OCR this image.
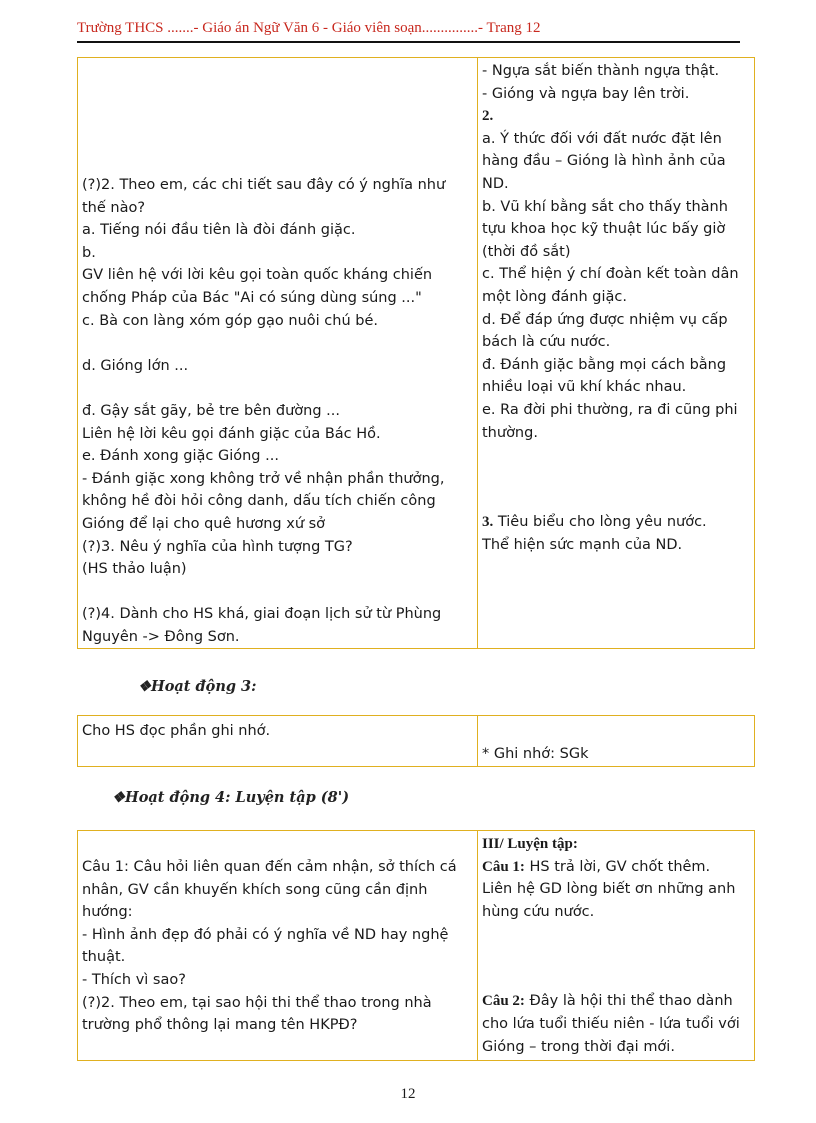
Trường THCS .......- Giáo án Ngữ Văn 6 - Giáo viên soạn...............- Trang 12
(?)2. Theo em, các chi tiết sau đây có ý nghĩa như
thế nào?
a. Tiếng nói đầu tiên là đòi đánh giặc.
b.
GV liên hệ với lời kêu gọi toàn quốc kháng chiến
chống Pháp của Bác "Ai có súng dùng súng ..."
c. Bà con làng xóm góp gạo nuôi chú bé.
d. Gióng lớn ...
đ. Gậy sắt gãy, bẻ tre bên đường ...
Liên hệ lời kêu gọi đánh giặc của Bác Hồ.
e. Đánh xong giặc Gióng ...
- Đánh giặc xong không trở về nhận phần thưởng,
không hề đòi hỏi công danh, dấu tích chiến công
Gióng để lại cho quê hương xứ sở
(?)3. Nêu ý nghĩa của hình tượng TG?
(HS thảo luận)
(?)4. Dành cho HS khá, giai đoạn lịch sử từ Phùng
Nguyên -> Đông Sơn.

- Ngựa sắt biến thành ngựa thật.
- Gióng và ngựa bay lên trời.
2.
a. Ý thức đối với đất nước đặt lên
hàng đầu – Gióng là hình ảnh của
ND.
b. Vũ khí bằng sắt cho thấy thành
tựu khoa học kỹ thuật lúc bấy giờ
(thời đồ sắt)
c. Thể hiện ý chí đoàn kết toàn dân
một lòng đánh giặc.
d. Để đáp ứng được nhiệm vụ cấp
bách là cứu nước.
đ. Đánh giặc bằng mọi cách bằng
nhiều loại vũ khí khác nhau.
e. Ra đời phi thường, ra đi cũng phi
thường.
3. Tiêu biểu cho lòng yêu nước.
Thể hiện sức mạnh của ND.
❖Hoạt động 3:
Cho HS đọc phần ghi nhớ.

* Ghi nhớ: SGk
❖Hoạt động 4: Luyện tập (8')
Câu 1: Câu hỏi liên quan đến cảm nhận, sở thích cá
nhân, GV cần khuyến khích song cũng cần định
hướng:
- Hình ảnh đẹp đó phải có ý nghĩa về ND hay nghệ
thuật.
- Thích vì sao?
(?)2. Theo em, tại sao hội thi thể thao trong nhà
trường phổ thông lại mang tên HKPĐ?

III/ Luyện tập:
Câu 1: HS trả lời, GV chốt thêm.
Liên hệ GD lòng biết ơn những anh
hùng cứu nước.
Câu 2: Đây là hội thi thể thao dành
cho lứa tuổi thiếu niên - lứa tuổi với
Gióng – trong thời đại mới.
12
